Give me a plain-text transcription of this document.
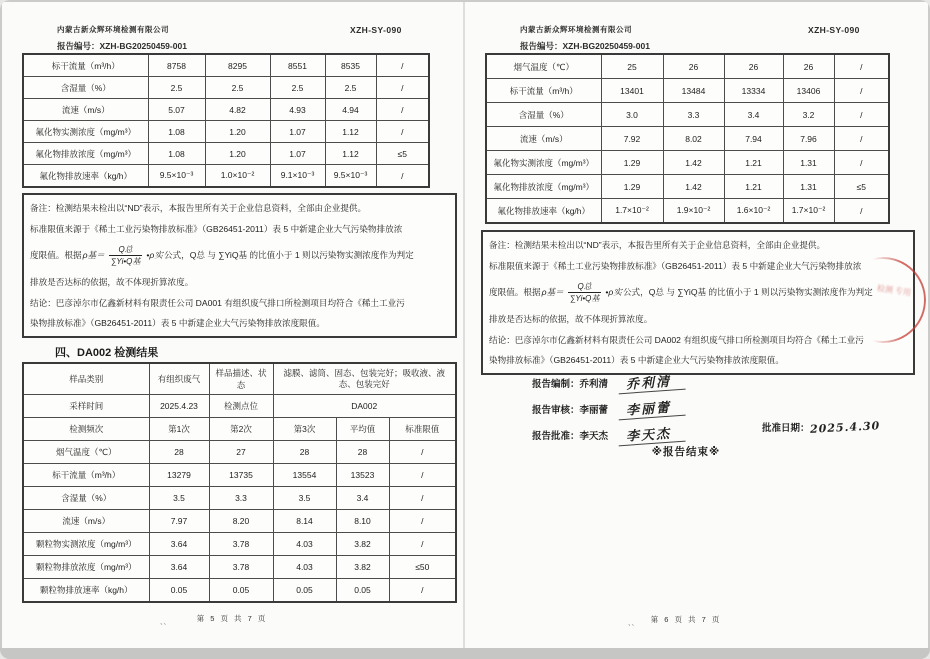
内蒙古新众辉环境检测有限公司	XZH-SY-090
报告编号：XZH-BG20250459-001
标干流量（m³/h）	8758	8295	8551	8535	/
含湿量（%）	2.5	2.5	2.5	2.5	/
流速（m/s）	5.07	4.82	4.93	4.94	/
氟化物实测浓度（mg/m³）	1.08	1.20	1.07	1.12	/
氟化物排放浓度（mg/m³）	1.08	1.20	1.07	1.12	≤5
氟化物排放速率（kg/h）	9.5×10⁻³	1.0×10⁻²	9.1×10⁻³	9.5×10⁻³	/

备注：检测结果未检出以“ND”表示，本报告里所有关于企业信息资料，全部由企业提供。

标准限值来源于《稀土工业污染物排放标准》（GB26451-2011）表 5 中新建企业大气污染物排放浓

度限值。根据 ρ基＝ $\frac{\text{Q总}}{\text{∑Yi•Q基}}$ •ρ实 公式，Q总 与 ∑YiQ基 的比值小于 1 则以污染物实测浓度作为判定

排放是否达标的依据，故不体现折算浓度。

结论：巴彦淖尔市亿鑫新材料有限责任公司 DA001 有组织废气排口所检测项目均符合《稀土工业污

染物排放标准》（GB26451-2011）表 5 中新建企业大气污染物排放浓度限值。

四、DA002 检测结果
样品类别	有组织废气	样品描述、状态	滤膜、滤筒、固态、包装完好；吸收液、液态、包装完好		
采样时间	2025.4.23	检测点位	DA002		
检测频次	第1次	第2次	第3次	平均值	标准限值
烟气温度（℃）	28	27	28	28	/
标干流量（m³/h）	13279	13735	13554	13523	/
含湿量（%）	3.5	3.3	3.5	3.4	/
流速（m/s）	7.97	8.20	8.14	8.10	/
颗粒物实测浓度（mg/m³）	3.64	3.78	4.03	3.82	/
颗粒物排放浓度（mg/m³）	3.64	3.78	4.03	3.82	≤50
颗粒物排放速率（kg/h）	0.05	0.05	0.05	0.05	/
、、	第 5 页 共 7 页
内蒙古新众辉环境检测有限公司	XZH-SY-090
报告编号：XZH-BG20250459-001
烟气温度（℃）	25	26	26	26	/
标干流量（m³/h）	13401	13484	13334	13406	/
含湿量（%）	3.0	3.3	3.4	3.2	/
流速（m/s）	7.92	8.02	7.94	7.96	/
氟化物实测浓度（mg/m³）	1.29	1.42	1.21	1.31	/
氟化物排放浓度（mg/m³）	1.29	1.42	1.21	1.31	≤5
氟化物排放速率（kg/h）	1.7×10⁻²	1.9×10⁻²	1.6×10⁻²	1.7×10⁻²	/

备注：检测结果未检出以“ND”表示，本报告里所有关于企业信息资料，全部由企业提供。

标准限值来源于《稀土工业污染物排放标准》（GB26451-2011）表 5 中新建企业大气污染物排放浓

度限值。根据 ρ基＝ $\frac{\text{Q总}}{\text{∑Yi•Q基}}$ •ρ实 公式，Q总 与 ∑YiQ基 的比值小于 1 则以污染物实测浓度作为判定

排放是否达标的依据，故不体现折算浓度。

结论：巴彦淖尔市亿鑫新材料有限责任公司 DA002 有组织废气排口所检测项目均符合《稀土工业污

染物排放标准》（GB26451-2011）表 5 中新建企业大气污染物排放浓度限值。

报告编制：乔利清 乔利清
报告审核：李丽蕾 李丽蕾
报告批准：李天杰 李天杰	批准日期：2025.4.30
※报告结束※
检测 专用
、、	第 6 页 共 7 页
